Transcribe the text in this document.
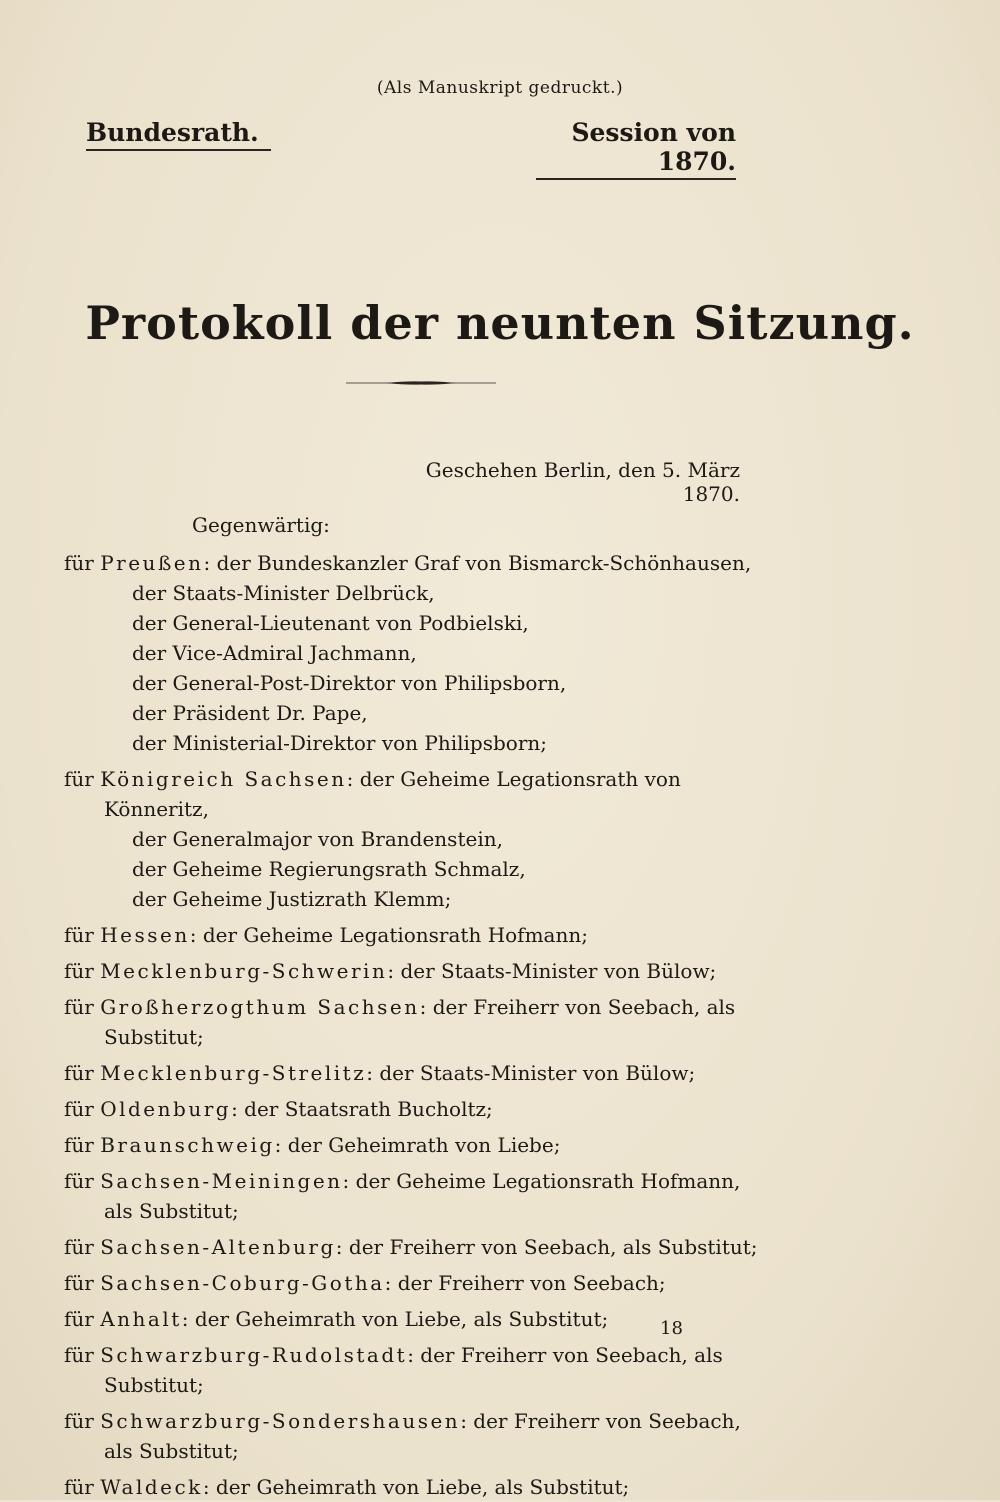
(Als Manuskript gedruckt.)
Bundesrath.	Session von 1870.
Protokoll der neunten Sitzung.
Geschehen Berlin, den 5. März 1870.
Gegenwärtig:
für Preußen: der Bundeskanzler Graf von Bismarck-Schönhausen,
der Staats-Minister Delbrück,
der General-Lieutenant von Podbielski,
der Vice-Admiral Jachmann,
der General-Post-Direktor von Philipsborn,
der Präsident Dr. Pape,
der Ministerial-Direktor von Philipsborn;
für Königreich Sachsen: der Geheime Legationsrath von Könneritz,
der Generalmajor von Brandenstein,
der Geheime Regierungsrath Schmalz,
der Geheime Justizrath Klemm;
für Hessen: der Geheime Legationsrath Hofmann;
für Mecklenburg-Schwerin: der Staats-Minister von Bülow;
für Großherzogthum Sachsen: der Freiherr von Seebach, als Substitut;
für Mecklenburg-Strelitz: der Staats-Minister von Bülow;
für Oldenburg: der Staatsrath Bucholtz;
für Braunschweig: der Geheimrath von Liebe;
für Sachsen-Meiningen: der Geheime Legationsrath Hofmann, als Substitut;
für Sachsen-Altenburg: der Freiherr von Seebach, als Substitut;
für Sachsen-Coburg-Gotha: der Freiherr von Seebach;
für Anhalt: der Geheimrath von Liebe, als Substitut;
für Schwarzburg-Rudolstadt: der Freiherr von Seebach, als Substitut;
für Schwarzburg-Sondershausen: der Freiherr von Seebach, als Substitut;
für Waldeck: der Geheimrath von Liebe, als Substitut;
18
